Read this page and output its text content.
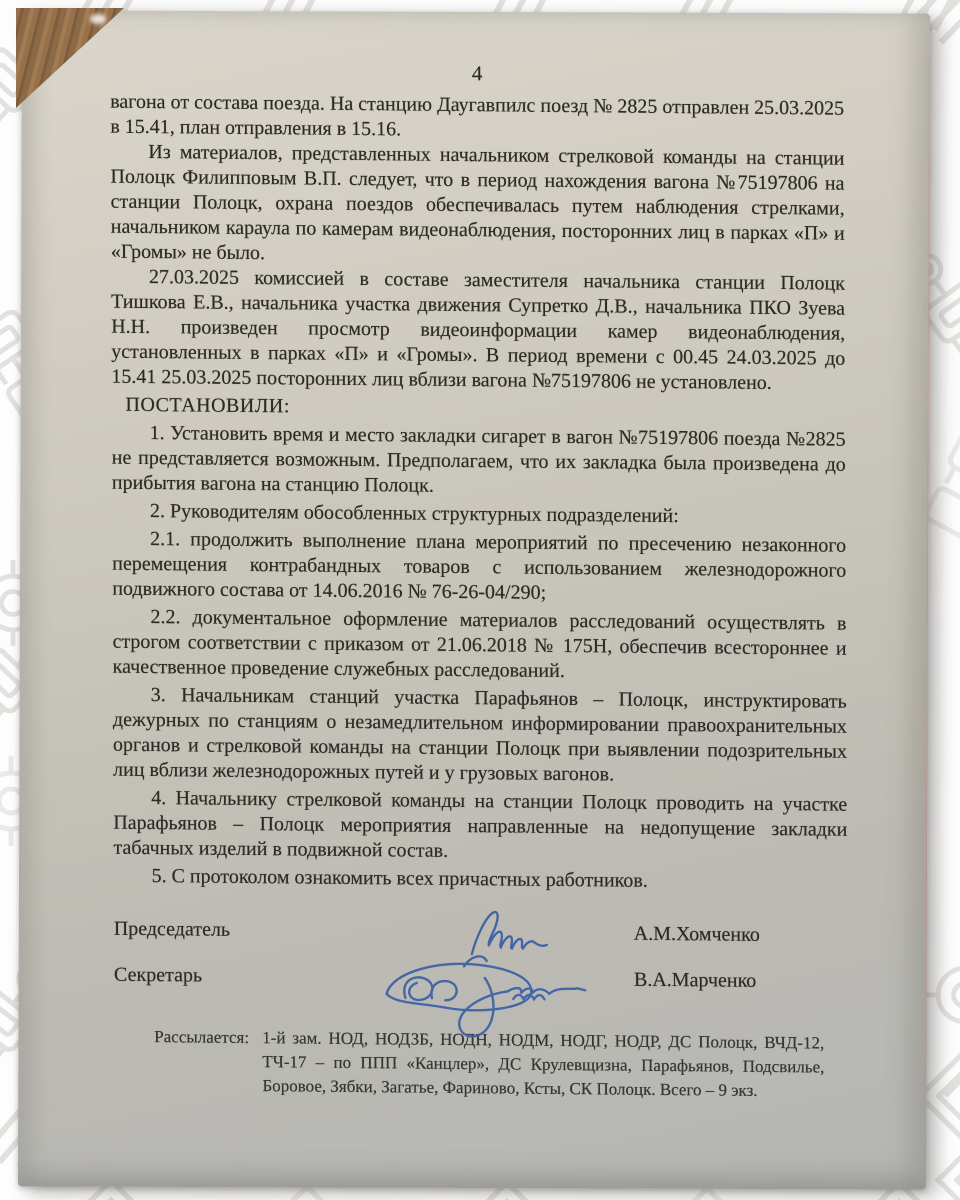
4

вагона от состава поезда. На станцию Даугавпилс поезд № 2825 отправлен 25.03.2025 в 15.41, план отправления в 15.16.

Из материалов, представленных начальником стрелковой команды на станции Полоцк Филипповым В.П. следует, что в период нахождения вагона №75197806 на станции Полоцк, охрана поездов обеспечивалась путем наблюдения стрелками, начальником караула по камерам видеонаблюдения, посторонних лиц в парках «П» и «Громы» не было.

27.03.2025 комиссией в составе заместителя начальника станции Полоцк Тишкова Е.В., начальника участка движения Супретко Д.В., начальника ПКО Зуева Н.Н. произведен просмотр видеоинформации камер видеонаблюдения, установленных в парках «П» и «Громы». В период времени с 00.45 24.03.2025 до 15.41 25.03.2025 посторонних лиц вблизи вагона №75197806 не установлено.

ПОСТАНОВИЛИ:

1. Установить время и место закладки сигарет в вагон №75197806 поезда №2825 не представляется возможным. Предполагаем, что их закладка была произведена до прибытия вагона на станцию Полоцк.

2. Руководителям обособленных структурных подразделений:

2.1. продолжить выполнение плана мероприятий по пресечению незаконного перемещения контрабандных товаров с использованием железнодорожного подвижного состава от 14.06.2016 № 76-26-04/290;

2.2. документальное оформление материалов расследований осуществлять в строгом соответствии с приказом от 21.06.2018 № 175Н, обеспечив всестороннее и качественное проведение служебных расследований.

3. Начальникам станций участка Парафьянов – Полоцк, инструктировать дежурных по станциям о незамедлительном информировании правоохранительных органов и стрелковой команды на станции Полоцк при выявлении подозрительных лиц вблизи железнодорожных путей и у грузовых вагонов.

4. Начальнику стрелковой команды на станции Полоцк проводить на участке Парафьянов – Полоцк мероприятия направленные на недопущение закладки табачных изделий в подвижной состав.

5. С протоколом ознакомить всех причастных работников.

Председатель	А.М.Хомченко
Секретарь	В.А.Марченко
Рассылается: 1-й зам. НОД, НОДЗБ, НОДН, НОДМ, НОДГ, НОДР, ДС Полоцк, ВЧД-12, ТЧ-17 – по ППП «Канцлер», ДС Крулевщизна, Парафьянов, Подсвилье, Боровое, Зябки, Загатье, Фариново, Ксты, СК Полоцк. Всего – 9 экз.
